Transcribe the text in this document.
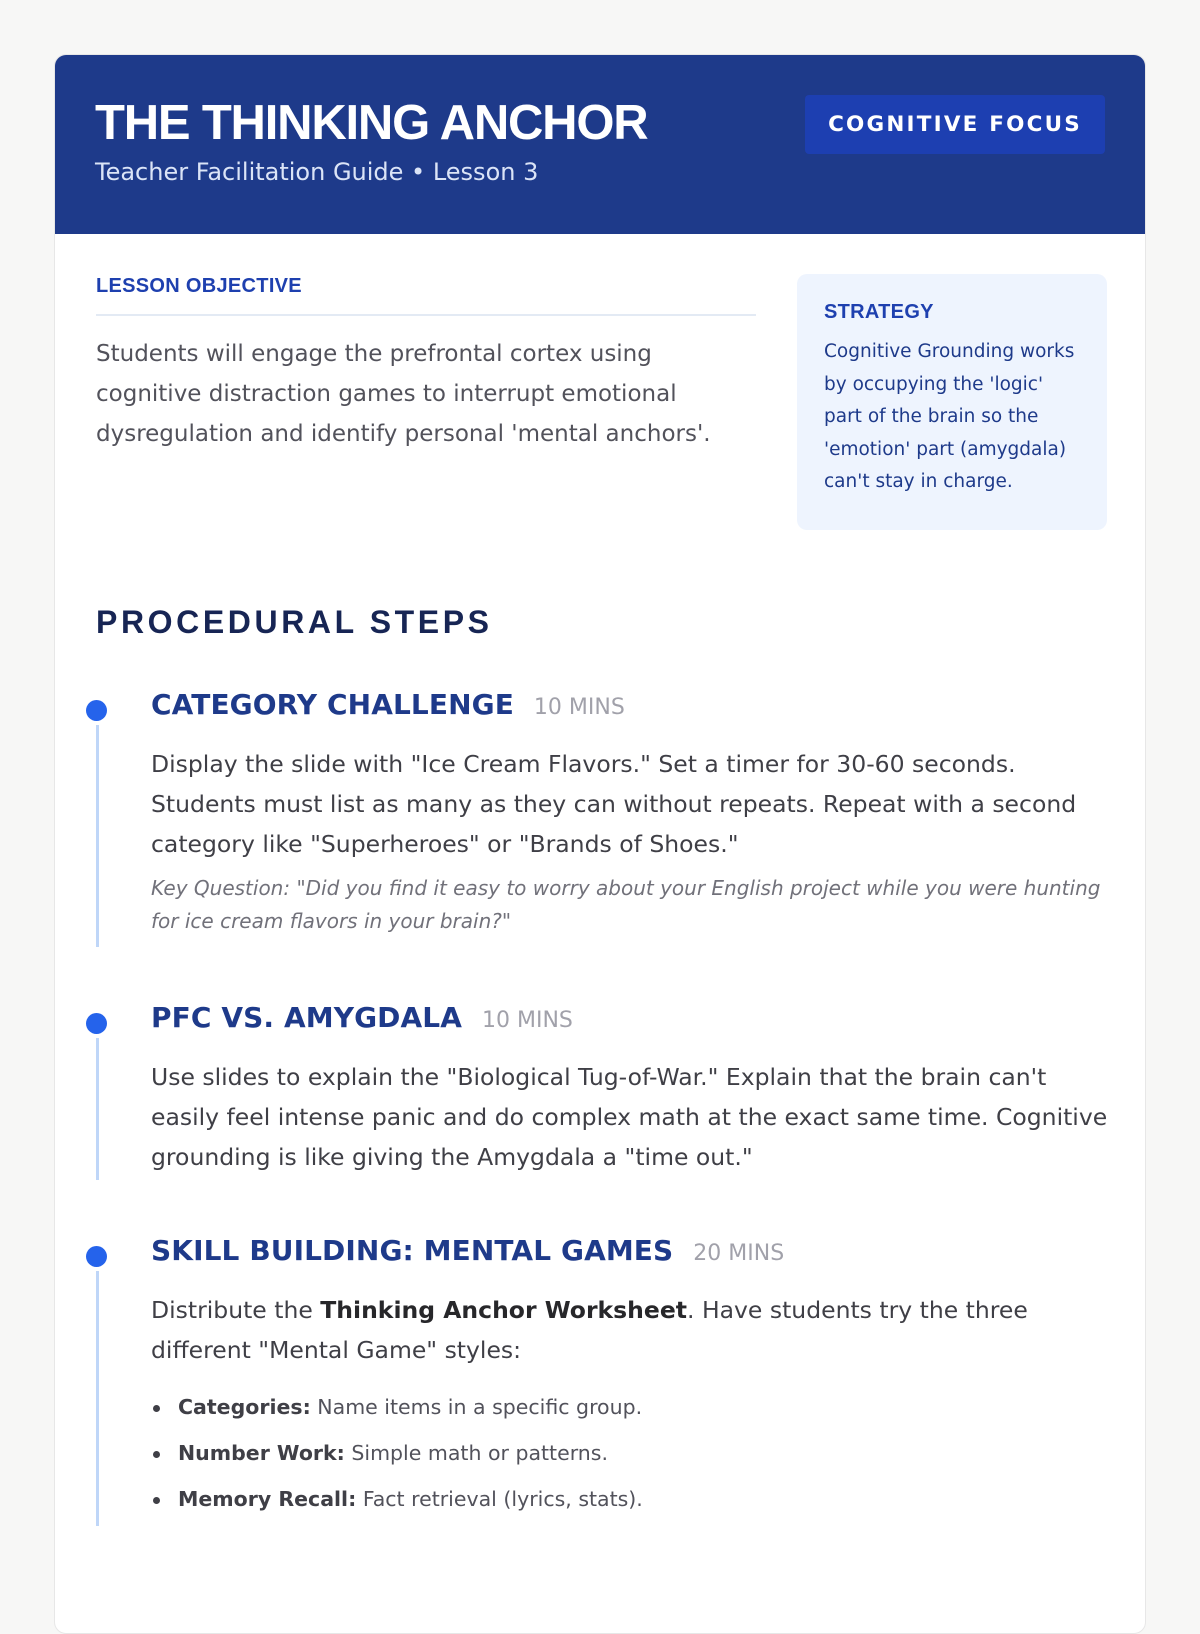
THE THINKING ANCHOR
Teacher Facilitation Guide • Lesson 3
COGNITIVE FOCUS
LESSON OBJECTIVE
Students will engage the prefrontal cortex using cognitive distraction games to interrupt emotional dysregulation and identify personal 'mental anchors'.
STRATEGY
Cognitive Grounding works by occupying the 'logic' part of the brain so the 'emotion' part (amygdala) can't stay in charge.
PROCEDURAL STEPS
CATEGORY CHALLENGE 10 MINS
Display the slide with "Ice Cream Flavors." Set a timer for 30-60 seconds. Students must list as many as they can without repeats. Repeat with a second category like "Superheroes" or "Brands of Shoes."
Key Question: "Did you find it easy to worry about your English project while you were hunting for ice cream flavors in your brain?"
PFC VS. AMYGDALA 10 MINS
Use slides to explain the "Biological Tug-of-War." Explain that the brain can't easily feel intense panic and do complex math at the exact same time. Cognitive grounding is like giving the Amygdala a "time out."
SKILL BUILDING: MENTAL GAMES 20 MINS
Distribute the Thinking Anchor Worksheet. Have students try the three different "Mental Game" styles:
Categories: Name items in a specific group.
Number Work: Simple math or patterns.
Memory Recall: Fact retrieval (lyrics, stats).
